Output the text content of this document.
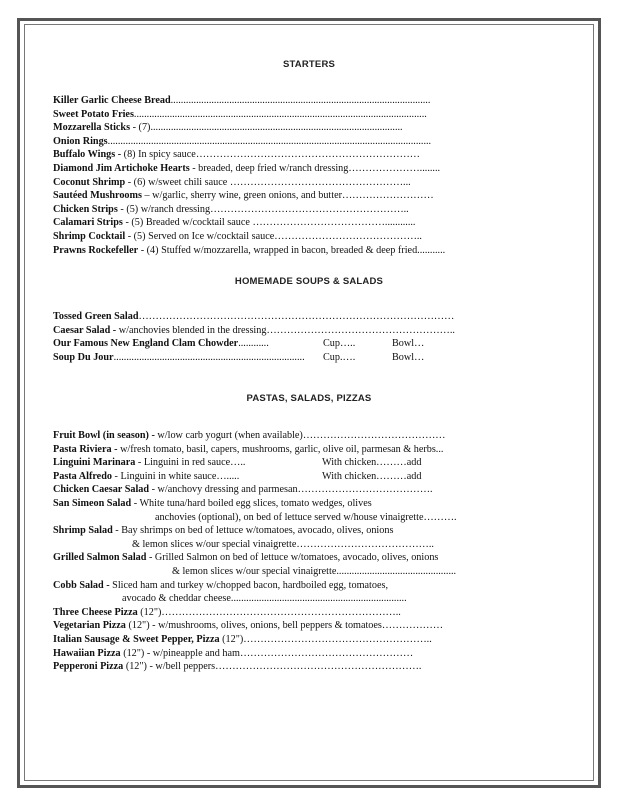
STARTERS
Killer Garlic Cheese Bread......................................................................................................
Sweet Potato Fries...................................................................................................................
Mozzarella Sticks - (7)...................................................................................................
Onion Rings...............................................................................................................................
Buffalo Wings - (8) In spicy sauce…………………………………………………………
Diamond Jim Artichoke Hearts - breaded, deep fried w/ranch dressing…………………........
Coconut Shrimp - (6) w/sweet chili sauce ……………………………………………...
Sautéed Mushrooms – w/garlic, sherry wine, green onions, and butter………………………
Chicken Strips - (5) w/ranch dressing…………………………………………………..
Calamari Strips - (5) Breaded w/cocktail sauce …………………………………............
Shrimp Cocktail - (5) Served on Ice w/cocktail sauce……………………………………..
Prawns Rockefeller - (4) Stuffed w/mozzarella, wrapped in bacon, breaded & deep fried...........
HOMEMADE SOUPS & SALADS
Tossed Green Salad…………………………………………………………………………………
Caesar Salad - w/anchovies blended in the dressing………………………………………………..
Our Famous New England Clam Chowder............	Cup…..	Bowl…
Soup Du Jour...........................................................................	Cup.….	Bowl…
PASTAS, SALADS, PIZZAS
Fruit Bowl (in season) - w/low carb yogurt (when available)……………………………………
Pasta Riviera - w/fresh tomato, basil, capers, mushrooms, garlic, olive oil, parmesan & herbs...
Linguini Marinara - Linguini in red sauce…..	With chicken………add
Pasta Alfredo - Linguini in white sauce….....	With chicken………add
Chicken Caesar Salad - w/anchovy dressing and parmesan………………………………….
San Simeon Salad - White tuna/hard boiled egg slices, tomato wedges, olives
anchovies (optional), on bed of lettuce served w/house vinaigrette……….
Shrimp Salad - Bay shrimps on bed of lettuce w/tomatoes, avocado, olives, onions
& lemon slices w/our special vinaigrette…………………………………..
Grilled Salmon Salad - Grilled Salmon on bed of lettuce w/tomatoes, avocado, olives, onions
& lemon slices w/our special vinaigrette...............................................
Cobb Salad - Sliced ham and turkey w/chopped bacon, hardboiled egg, tomatoes,
avocado & cheddar cheese.....................................................................
Three Cheese Pizza (12")……………………………………………………………..
Vegetarian Pizza (12") - w/mushrooms, olives, onions, bell peppers & tomatoes………………
Italian Sausage & Sweet Pepper, Pizza (12")………………………………………………..
Hawaiian Pizza (12") - w/pineapple and ham……………………………………………
Pepperoni Pizza (12") - w/bell peppers…………………………………………………….
